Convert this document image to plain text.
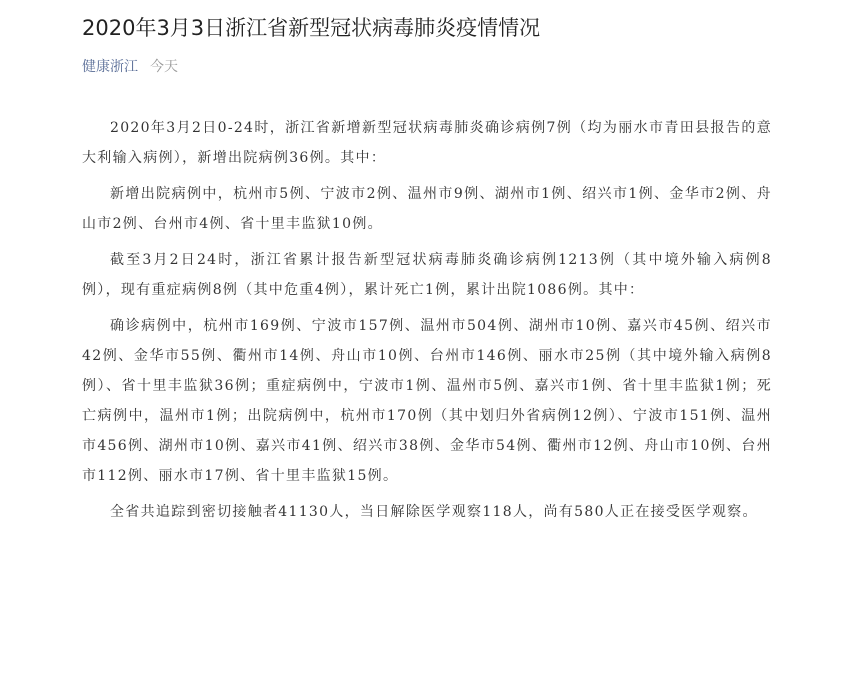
2020年3月3日浙江省新型冠状病毒肺炎疫情情况
健康浙江 今天

2020年3月2日0-24时，浙江省新增新型冠状病毒肺炎确诊病例7例（均为丽水市青田县报告的意大利输入病例），新增出院病例36例。其中：

新增出院病例中，杭州市5例、宁波市2例、温州市9例、湖州市1例、绍兴市1例、金华市2例、舟山市2例、台州市4例、省十里丰监狱10例。

截至3月2日24时，浙江省累计报告新型冠状病毒肺炎确诊病例1213例（其中境外输入病例8例），现有重症病例8例（其中危重4例），累计死亡1例，累计出院1086例。其中：

确诊病例中，杭州市169例、宁波市157例、温州市504例、湖州市10例、嘉兴市45例、绍兴市42例、金华市55例、衢州市14例、舟山市10例、台州市146例、丽水市25例（其中境外输入病例8例）、省十里丰监狱36例；重症病例中，宁波市1例、温州市5例、嘉兴市1例、省十里丰监狱1例；死亡病例中，温州市1例；出院病例中，杭州市170例（其中划归外省病例12例）、宁波市151例、温州市456例、湖州市10例、嘉兴市41例、绍兴市38例、金华市54例、衢州市12例、舟山市10例、台州市112例、丽水市17例、省十里丰监狱15例。

全省共追踪到密切接触者41130人，当日解除医学观察118人，尚有580人正在接受医学观察。
